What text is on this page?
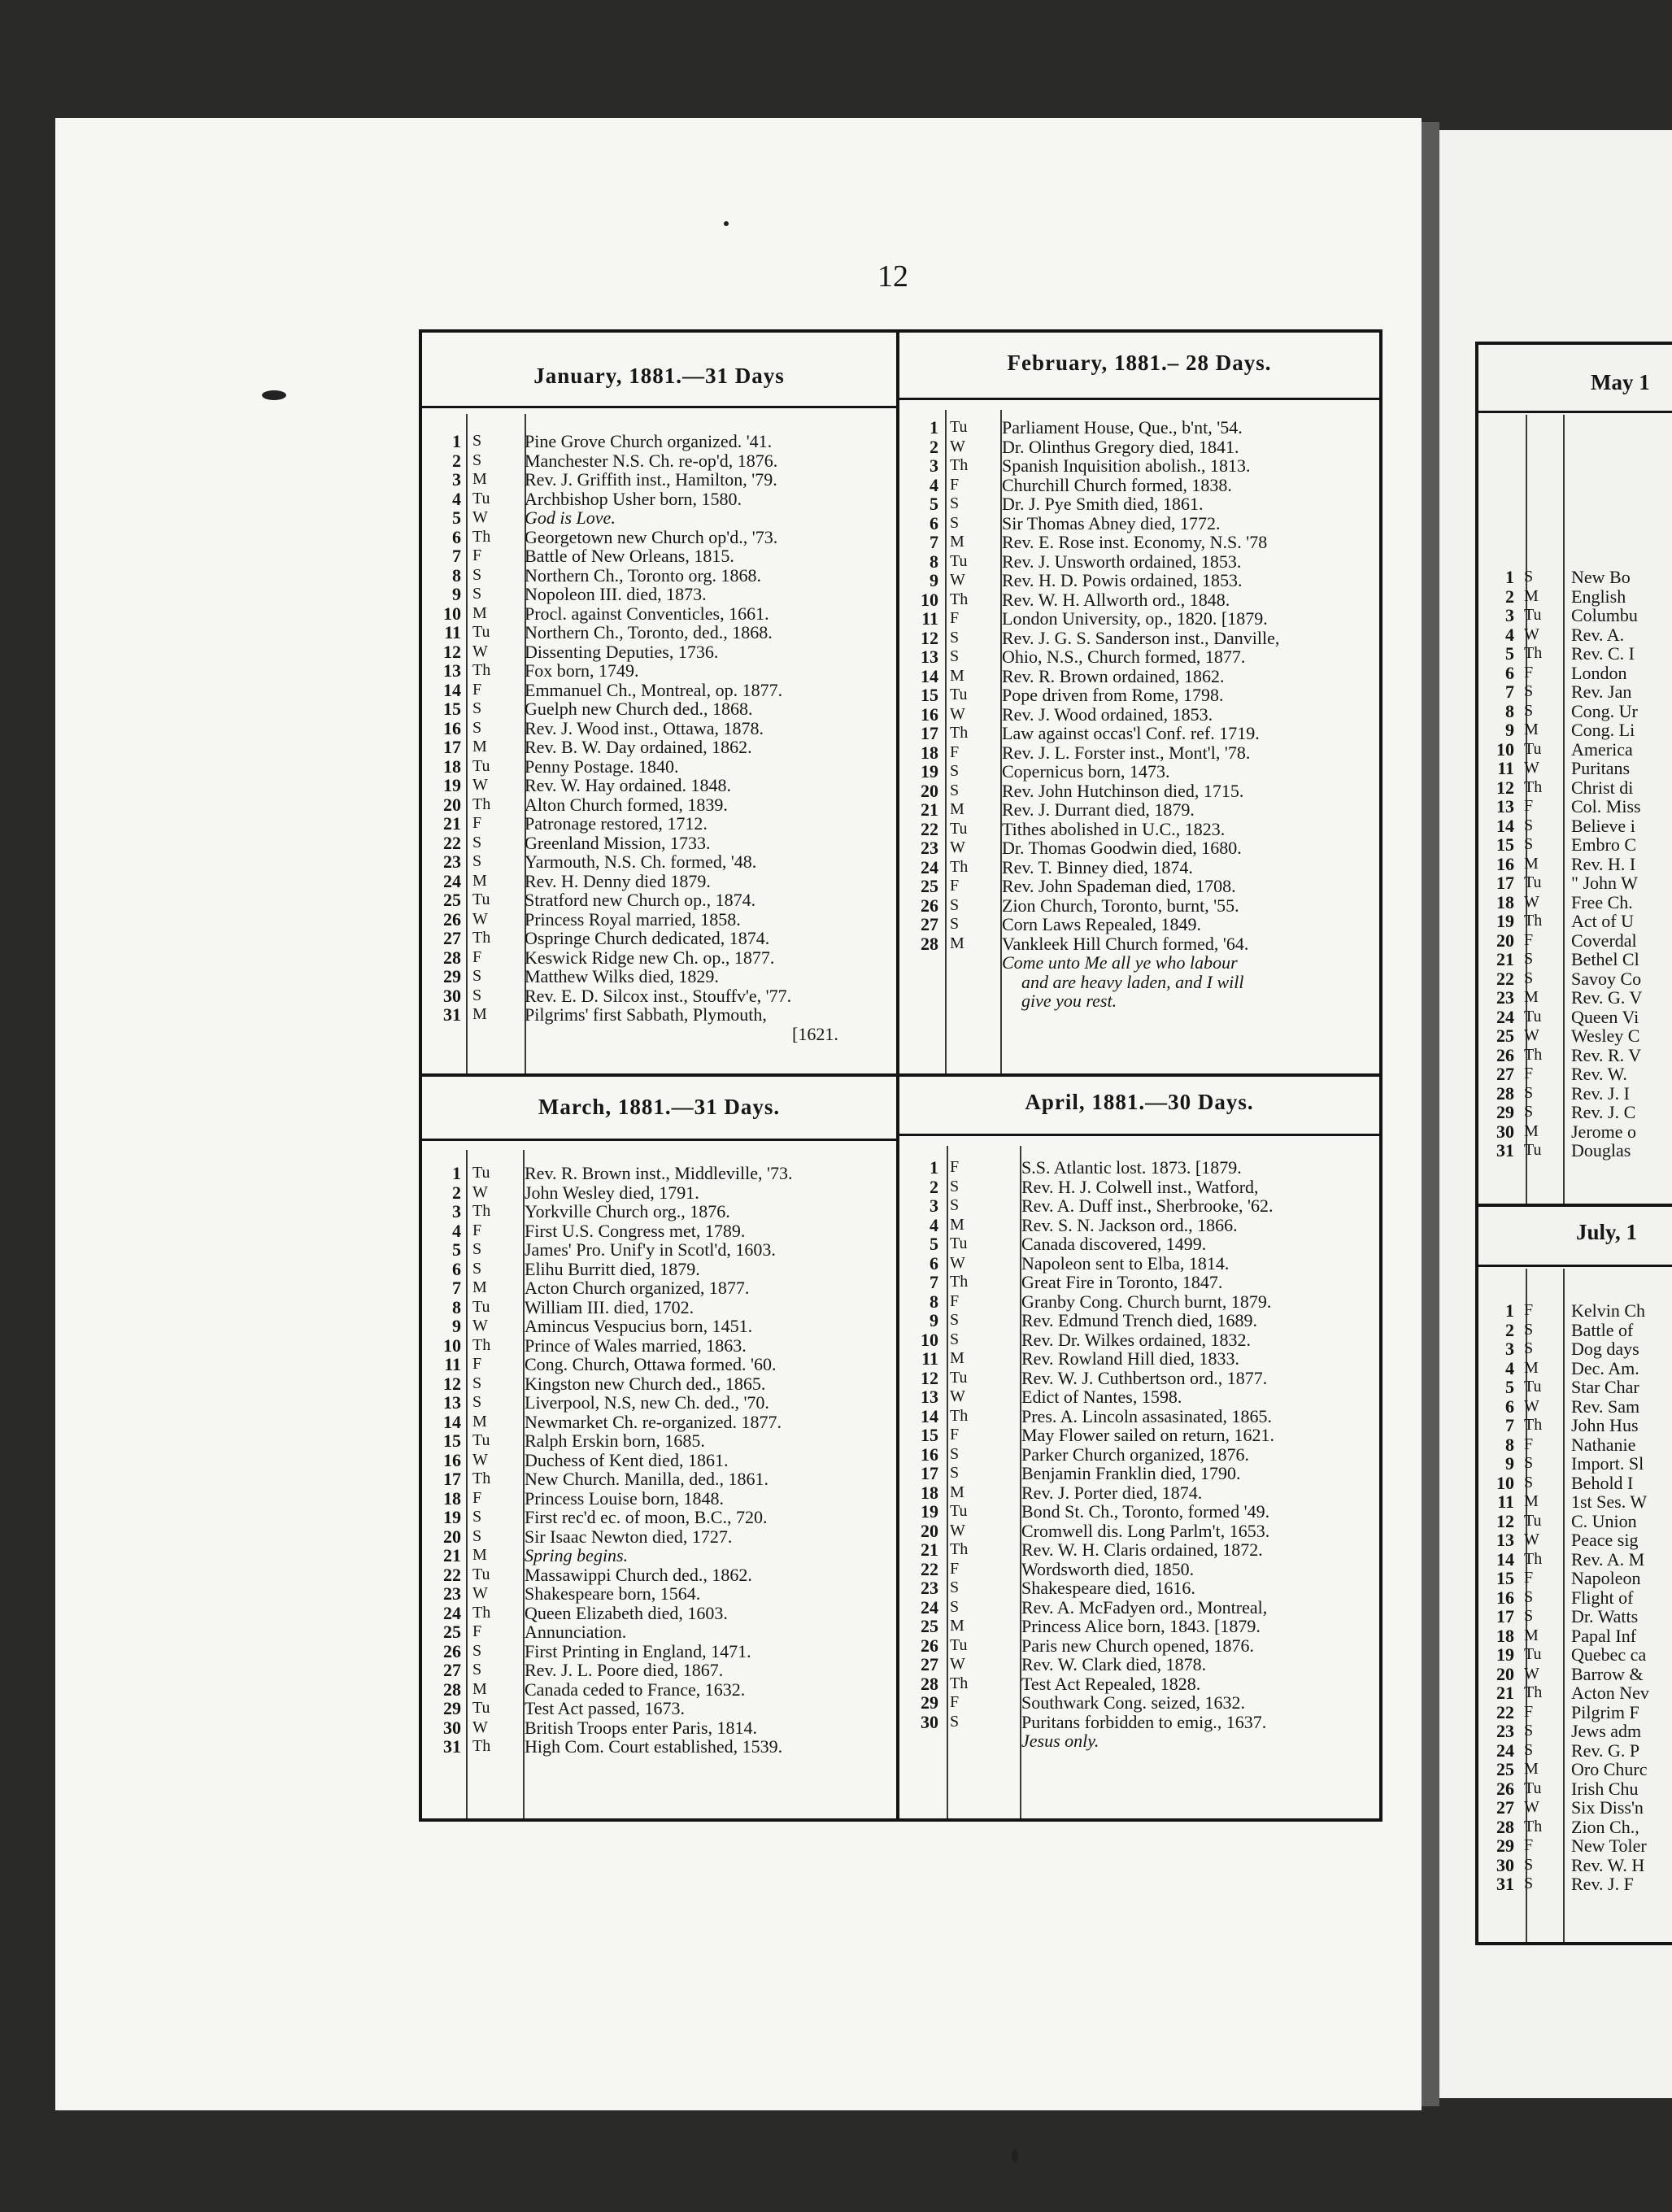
May 1
July, 1
1 S New Bo
2 M English
3 Tu Columbu
4 W Rev. A.
5 Th Rev. C. I
6 F London
7 S Rev. Jan
8 S Cong. Ur
9 M Cong. Li
10 Tu America
11 W Puritans
12 Th Christ di
13 F Col. Miss
14 S Believe i
15 S Embro C
16 M Rev. H. I
17 Tu " John W
18 W Free Ch.
19 Th Act of U
20 F Coverdal
21 S Bethel Cl
22 S Savoy Co
23 M Rev. G. V
24 Tu Queen Vi
25 W Wesley C
26 Th Rev. R. V
27 F Rev. W.
28 S Rev. J. I
29 S Rev. J. C
30 M Jerome o
31 Tu Douglas
1 F Kelvin Ch
2 S Battle of
3 S Dog days
4 M Dec. Am.
5 Tu Star Char
6 W Rev. Sam
7 Th John Hus
8 F Nathanie
9 S Import. Sl
10 S Behold I
11 M 1st Ses. W
12 Tu C. Union
13 W Peace sig
14 Th Rev. A. M
15 F Napoleon
16 S Flight of
17 S Dr. Watts
18 M Papal Inf
19 Tu Quebec ca
20 W Barrow &
21 Th Acton Nev
22 F Pilgrim F
23 S Jews adm
24 S Rev. G. P
25 M Oro Churc
26 Tu Irish Chu
27 W Six Diss'n
28 Th Zion Ch.,
29 F New Toler
30 S Rev. W. H
31 S Rev. J. F
12
January, 1881.—31 Days
1 S	Pine Grove Church organized. '41.
2 S	Manchester N.S. Ch. re-op'd, 1876.
3 M	Rev. J. Griffith inst., Hamilton, '79.
4 Tu	Archbishop Usher born, 1580.
5 W	God is Love.
6 Th	Georgetown new Church op'd., '73.
7 F	Battle of New Orleans, 1815.
8 S	Northern Ch., Toronto org. 1868.
9 S	Nopoleon III. died, 1873.
10 M	Procl. against Conventicles, 1661.
11 Tu	Northern Ch., Toronto, ded., 1868.
12 W	Dissenting Deputies, 1736.
13 Th	Fox born, 1749.
14 F	Emmanuel Ch., Montreal, op. 1877.
15 S	Guelph new Church ded., 1868.
16 S	Rev. J. Wood inst., Ottawa, 1878.
17 M	Rev. B. W. Day ordained, 1862.
18 Tu	Penny Postage. 1840.
19 W	Rev. W. Hay ordained. 1848.
20 Th	Alton Church formed, 1839.
21 F	Patronage restored, 1712.
22 S	Greenland Mission, 1733.
23 S	Yarmouth, N.S. Ch. formed, '48.
24 M	Rev. H. Denny died 1879.
25 Tu	Stratford new Church op., 1874.
26 W	Princess Royal married, 1858.
27 Th	Ospringe Church dedicated, 1874.
28 F	Keswick Ridge new Ch. op., 1877.
29 S	Matthew Wilks died, 1829.
30 S	Rev. E. D. Silcox inst., Stouffv'e, '77.
31 M	Pilgrims' first Sabbath, Plymouth,
[1621.
February, 1881.– 28 Days.
1 Tu	Parliament House, Que., b'nt, '54.
2 W	Dr. Olinthus Gregory died, 1841.
3 Th	Spanish Inquisition abolish., 1813.
4 F	Churchill Church formed, 1838.
5 S	Dr. J. Pye Smith died, 1861.
6 S	Sir Thomas Abney died, 1772.
7 M	Rev. E. Rose inst. Economy, N.S. '78
8 Tu	Rev. J. Unsworth ordained, 1853.
9 W	Rev. H. D. Powis ordained, 1853.
10 Th	Rev. W. H. Allworth ord., 1848.
11 F	London University, op., 1820. [1879.
12 S	Rev. J. G. S. Sanderson inst., Danville,
13 S	Ohio, N.S., Church formed, 1877.
14 M	Rev. R. Brown ordained, 1862.
15 Tu	Pope driven from Rome, 1798.
16 W	Rev. J. Wood ordained, 1853.
17 Th	Law against occas'l Conf. ref. 1719.
18 F	Rev. J. L. Forster inst., Mont'l, '78.
19 S	Copernicus born, 1473.
20 S	Rev. John Hutchinson died, 1715.
21 M	Rev. J. Durrant died, 1879.
22 Tu	Tithes abolished in U.C., 1823.
23 W	Dr. Thomas Goodwin died, 1680.
24 Th	Rev. T. Binney died, 1874.
25 F	Rev. John Spademan died, 1708.
26 S	Zion Church, Toronto, burnt, '55.
27 S	Corn Laws Repealed, 1849.
28 M	Vankleek Hill Church formed, '64.
Come unto Me all ye who labour
and are heavy laden, and I will
give you rest.
March, 1881.—31 Days.
1 Tu	Rev. R. Brown inst., Middleville, '73.
2 W	John Wesley died, 1791.
3 Th	Yorkville Church org., 1876.
4 F	First U.S. Congress met, 1789.
5 S	James' Pro. Unif'y in Scotl'd, 1603.
6 S	Elihu Burritt died, 1879.
7 M	Acton Church organized, 1877.
8 Tu	William III. died, 1702.
9 W	Amincus Vespucius born, 1451.
10 Th	Prince of Wales married, 1863.
11 F	Cong. Church, Ottawa formed. '60.
12 S	Kingston new Church ded., 1865.
13 S	Liverpool, N.S, new Ch. ded., '70.
14 M	Newmarket Ch. re-organized. 1877.
15 Tu	Ralph Erskin born, 1685.
16 W	Duchess of Kent died, 1861.
17 Th	New Church. Manilla, ded., 1861.
18 F	Princess Louise born, 1848.
19 S	First rec'd ec. of moon, B.C., 720.
20 S	Sir Isaac Newton died, 1727.
21 M	Spring begins.
22 Tu	Massawippi Church ded., 1862.
23 W	Shakespeare born, 1564.
24 Th	Queen Elizabeth died, 1603.
25 F	Annunciation.
26 S	First Printing in England, 1471.
27 S	Rev. J. L. Poore died, 1867.
28 M	Canada ceded to France, 1632.
29 Tu	Test Act passed, 1673.
30 W	British Troops enter Paris, 1814.
31 Th	High Com. Court established, 1539.
April, 1881.—30 Days.
1 F	S.S. Atlantic lost. 1873. [1879.
2 S	Rev. H. J. Colwell inst., Watford,
3 S	Rev. A. Duff inst., Sherbrooke, '62.
4 M	Rev. S. N. Jackson ord., 1866.
5 Tu	Canada discovered, 1499.
6 W	Napoleon sent to Elba, 1814.
7 Th	Great Fire in Toronto, 1847.
8 F	Granby Cong. Church burnt, 1879.
9 S	Rev. Edmund Trench died, 1689.
10 S	Rev. Dr. Wilkes ordained, 1832.
11 M	Rev. Rowland Hill died, 1833.
12 Tu	Rev. W. J. Cuthbertson ord., 1877.
13 W	Edict of Nantes, 1598.
14 Th	Pres. A. Lincoln assasinated, 1865.
15 F	May Flower sailed on return, 1621.
16 S	Parker Church organized, 1876.
17 S	Benjamin Franklin died, 1790.
18 M	Rev. J. Porter died, 1874.
19 Tu	Bond St. Ch., Toronto, formed '49.
20 W	Cromwell dis. Long Parlm't, 1653.
21 Th	Rev. W. H. Claris ordained, 1872.
22 F	Wordsworth died, 1850.
23 S	Shakespeare died, 1616.
24 S	Rev. A. McFadyen ord., Montreal,
25 M	Princess Alice born, 1843. [1879.
26 Tu	Paris new Church opened, 1876.
27 W	Rev. W. Clark died, 1878.
28 Th	Test Act Repealed, 1828.
29 F	Southwark Cong. seized, 1632.
30 S	Puritans forbidden to emig., 1637.
Jesus only.
